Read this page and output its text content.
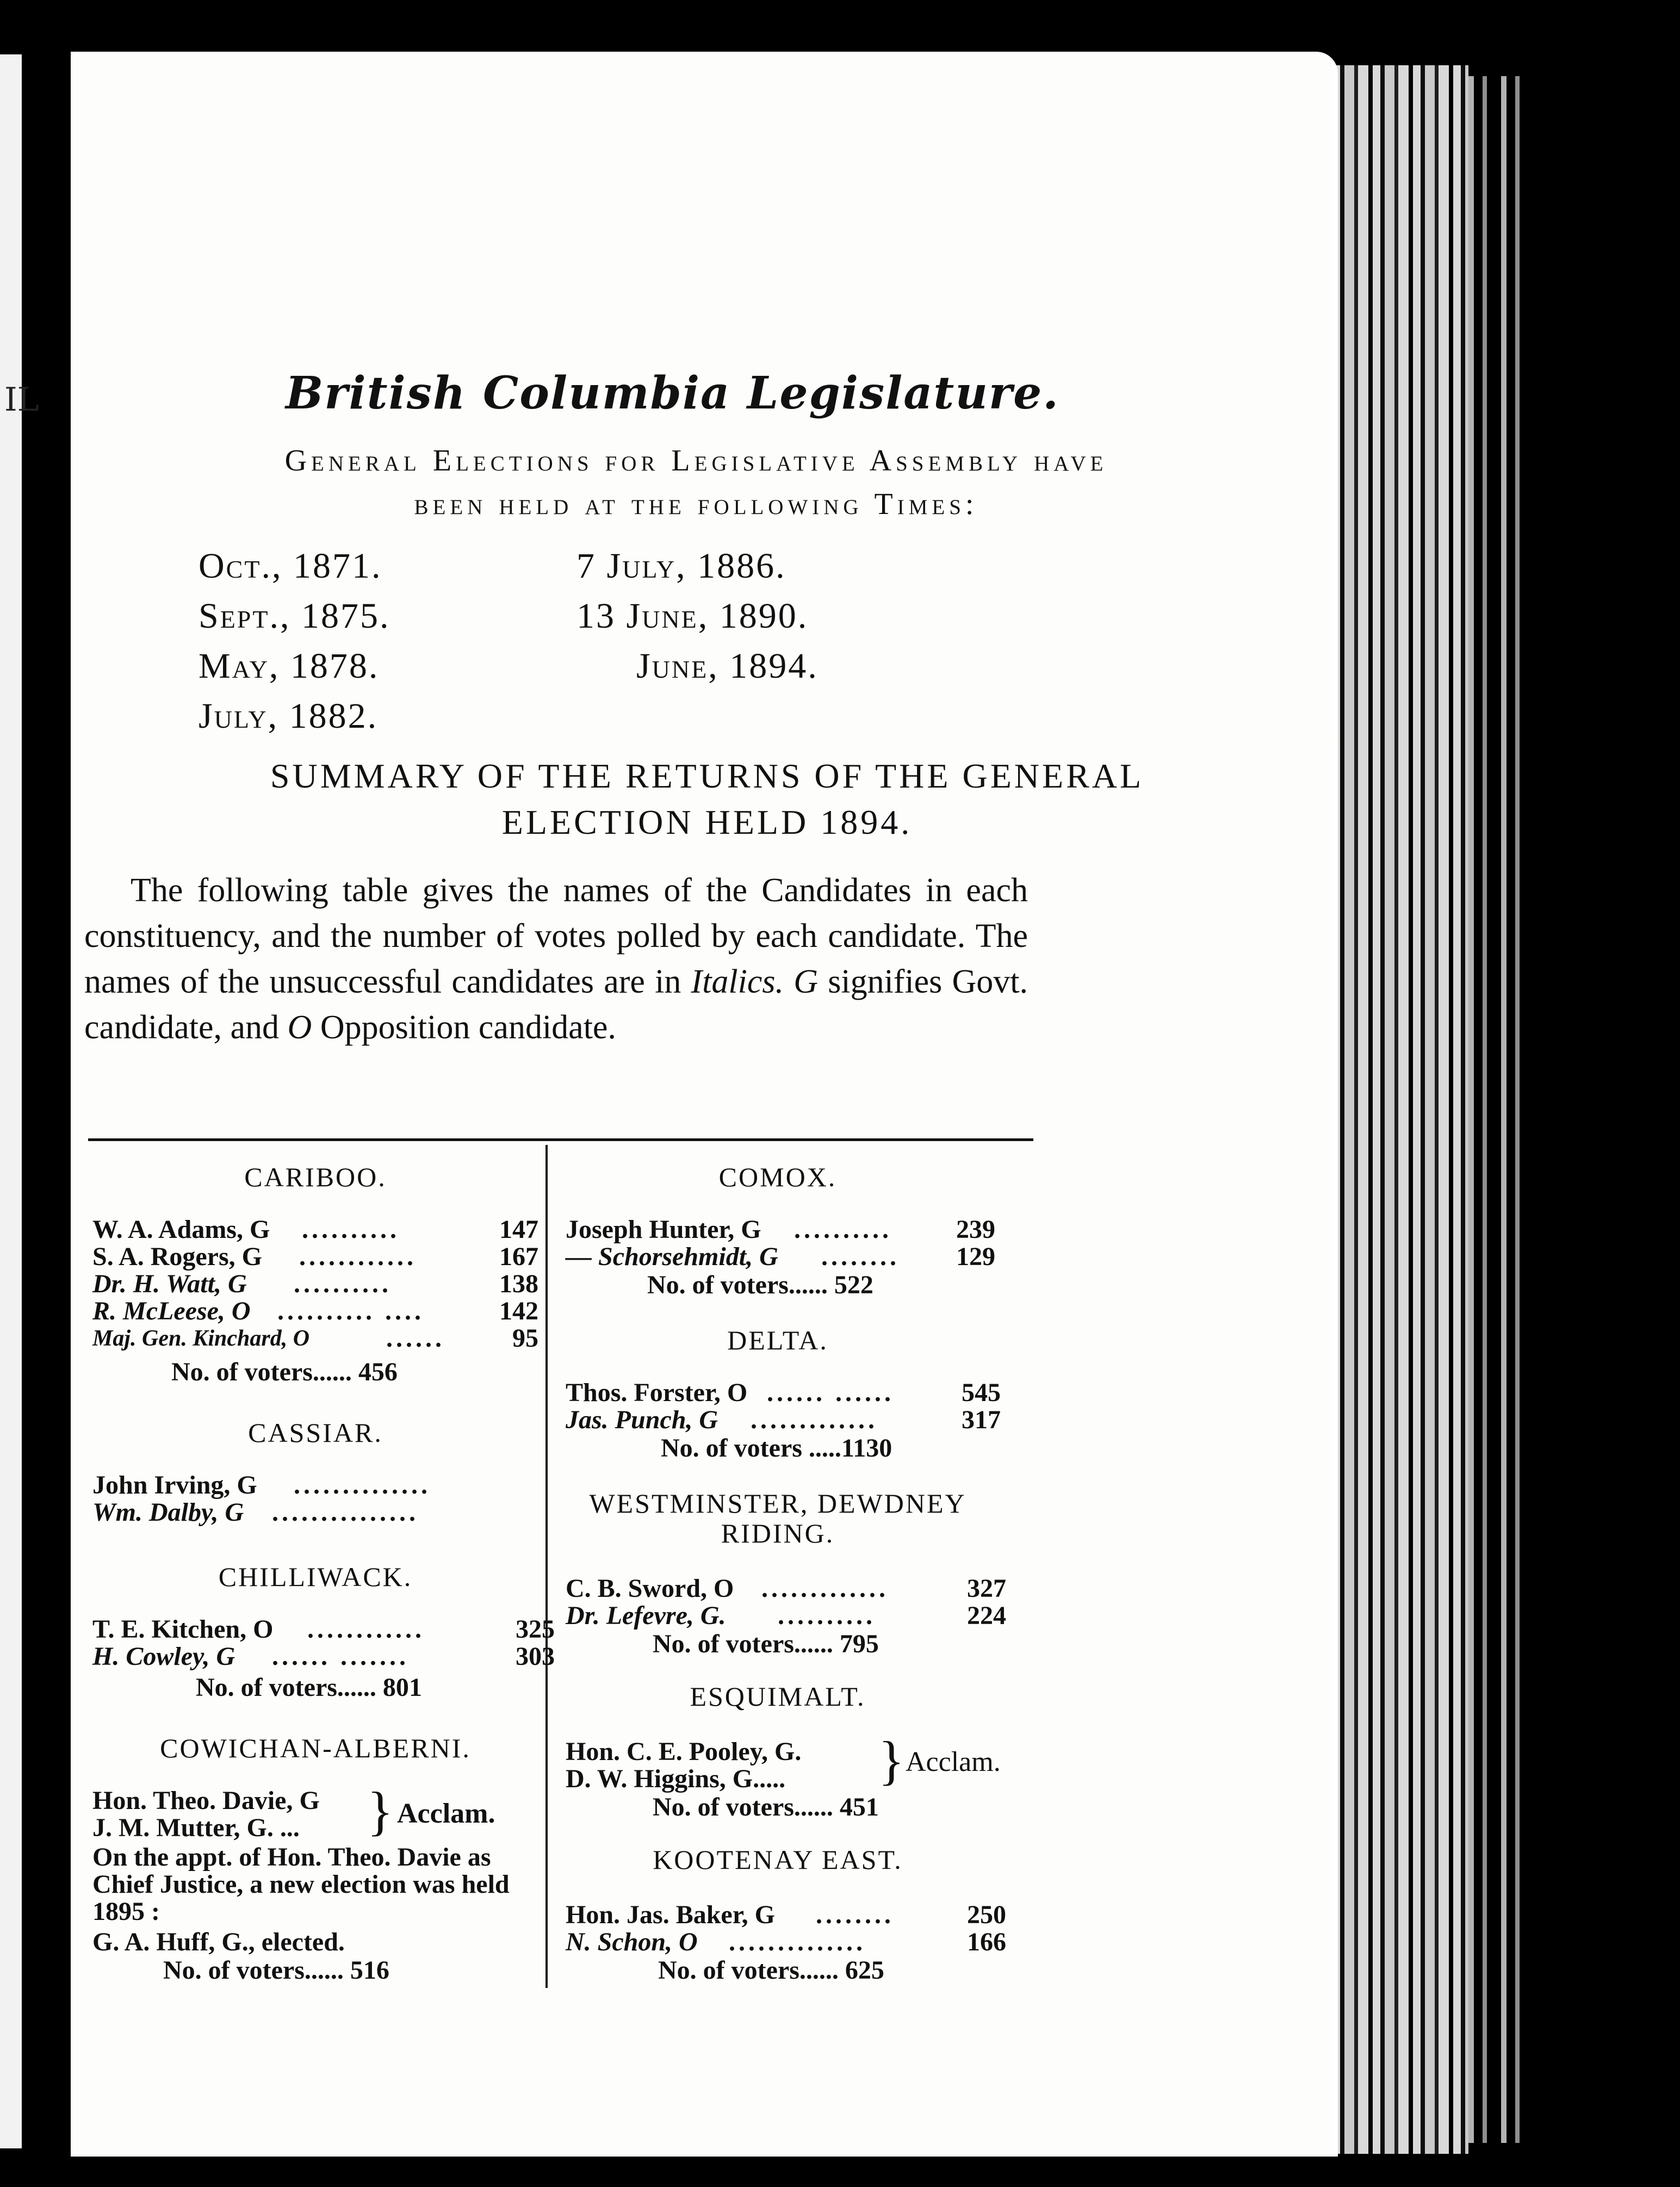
IL	British Columbia Legislature.
General Elections for Legislative Assembly have
been held at the following Times:
Oct., 1871.
Sept., 1875.
May, 1878.
July, 1882.
7 July, 1886.
13 June, 1890.
June, 1894.
SUMMARY OF THE RETURNS OF THE GENERAL
ELECTION HELD 1894.
The following table gives the names of the Candidates in each constituency, and the number of votes polled by each candidate. The names of the unsuccessful candidates are in Italics. G signifies Govt. candidate, and O Opposition candidate.
CARIBOO.
W. A. Adams, G ..........	147
S. A. Rogers, G ............	167
Dr. H. Watt, G ..........	138
R. McLeese, O .......... ....	142
Maj. Gen. Kinchard, O	......	95
No. of voters...... 456
CASSIAR.
John Irving, G ..............
Wm. Dalby, G ...............
CHILLIWACK.
T. E. Kitchen, O ............	325
H. Cowley, G ...... .......	303
No. of voters...... 801
COWICHAN-ALBERNI.
Hon. Theo. Davie, G
J. M. Mutter, G. ... } Acclam.
On the appt. of Hon. Theo. Davie as Chief Justice, a new election was held 1895 :
G. A. Huff, G., elected.
No. of voters...... 516
COMOX.
Joseph Hunter, G ..........	239
— Schorsehmidt, G ........	129
No. of voters...... 522
DELTA.
Thos. Forster, O ...... ......	545
Jas. Punch, G .............	317
No. of voters .....1130
WESTMINSTER, DEWDNEY
RIDING.
C. B. Sword, O .............	327
Dr. Lefevre, G. ..........	224
No. of voters...... 795
ESQUIMALT.
Hon. C. E. Pooley, G.
D. W. Higgins, G..... } Acclam.
No. of voters...... 451
KOOTENAY EAST.
Hon. Jas. Baker, G ........	250
N. Schon, O ..............	166
No. of voters...... 625
